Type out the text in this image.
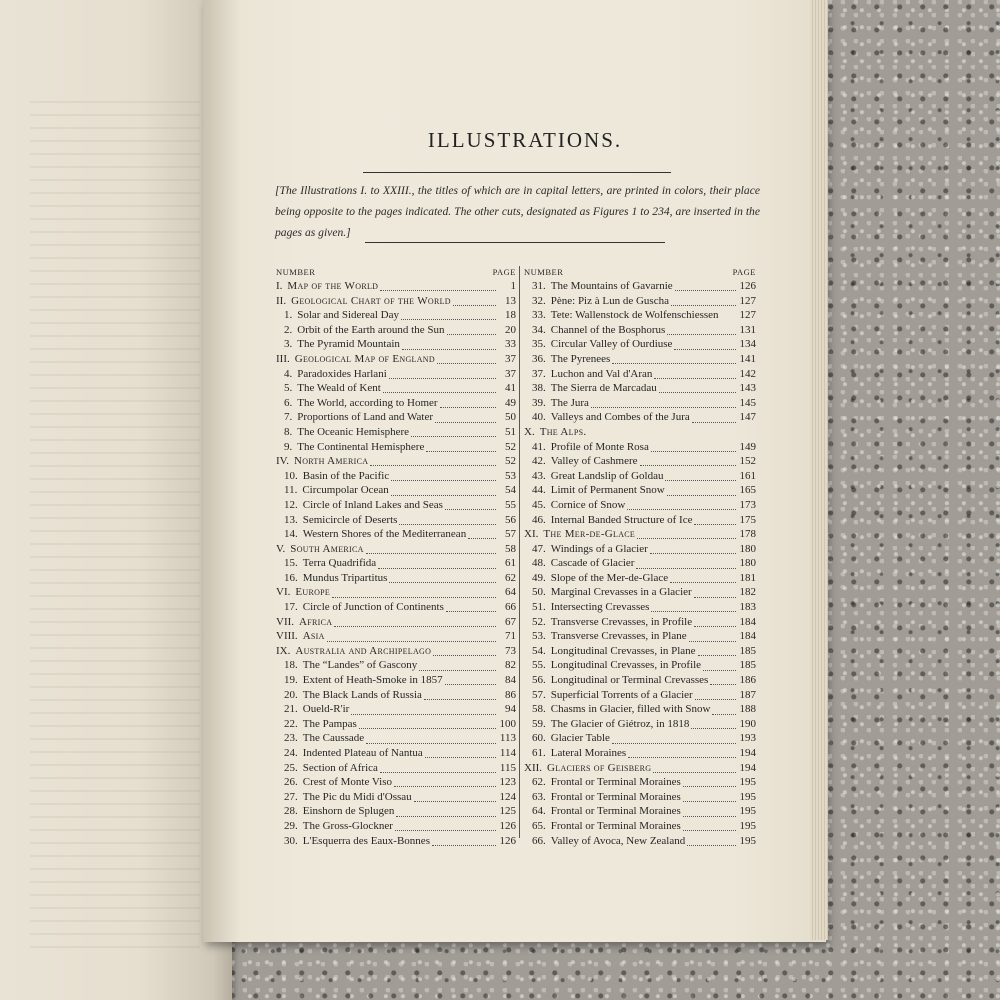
ILLUSTRATIONS.
[The Illustrations I. to XXIII., the titles of which are in capital letters, are printed in colors, their place being opposite to the pages indicated. The other cuts, designated as Figures 1 to 234, are inserted in the pages as given.]
NUMBER	PAGE
I. Map of the World	1
II. Geological Chart of the World	13
1. Solar and Sidereal Day	18
2. Orbit of the Earth around the Sun	20
3. The Pyramid Mountain	33
III. Geological Map of England	37
4. Paradoxides Harlani	37
5. The Weald of Kent	41
6. The World, according to Homer	49
7. Proportions of Land and Water	50
8. The Oceanic Hemisphere	51
9. The Continental Hemisphere	52
IV. North America	52
10. Basin of the Pacific	53
11. Circumpolar Ocean	54
12. Circle of Inland Lakes and Seas	55
13. Semicircle of Deserts	56
14. Western Shores of the Mediterranean	57
V. South America	58
15. Terra Quadrifida	61
16. Mundus Tripartitus	62
VI. Europe	64
17. Circle of Junction of Continents	66
VII. Africa	67
VIII. Asia	71
IX. Australia and Archipelago	73
18. The “Landes” of Gascony	82
19. Extent of Heath-Smoke in 1857	84
20. The Black Lands of Russia	86
21. Oueld-R'ir	94
22. The Pampas	100
23. The Caussade	113
24. Indented Plateau of Nantua	114
25. Section of Africa	115
26. Crest of Monte Viso	123
27. The Pic du Midi d'Ossau	124
28. Einshorn de Splugen	125
29. The Gross-Glockner	126
30. L'Esquerra des Eaux-Bonnes	126
NUMBER	PAGE
31. The Mountains of Gavarnie	126
32. Pène: Piz à Lun de Guscha	127
33. Tete: Wallenstock de Wolfenschiessen 127
34. Channel of the Bosphorus	131
35. Circular Valley of Ourdiuse	134
36. The Pyrenees	141
37. Luchon and Val d'Aran	142
38. The Sierra de Marcadau	143
39. The Jura	145
40. Valleys and Combes of the Jura	147
X. The Alps.
41. Profile of Monte Rosa	149
42. Valley of Cashmere	152
43. Great Landslip of Goldau	161
44. Limit of Permanent Snow	165
45. Cornice of Snow	173
46. Internal Banded Structure of Ice	175
XI. The Mer-de-Glace	178
47. Windings of a Glacier	180
48. Cascade of Glacier	180
49. Slope of the Mer-de-Glace	181
50. Marginal Crevasses in a Glacier	182
51. Intersecting Crevasses	183
52. Transverse Crevasses, in Profile	184
53. Transverse Crevasses, in Plane	184
54. Longitudinal Crevasses, in Plane	185
55. Longitudinal Crevasses, in Profile	185
56. Longitudinal or Terminal Crevasses	186
57. Superficial Torrents of a Glacier	187
58. Chasms in Glacier, filled with Snow	188
59. The Glacier of Giétroz, in 1818	190
60. Glacier Table	193
61. Lateral Moraines	194
XII. Glaciers of Geisberg	194
62. Frontal or Terminal Moraines	195
63. Frontal or Terminal Moraines	195
64. Frontal or Terminal Moraines	195
65. Frontal or Terminal Moraines	195
66. Valley of Avoca, New Zealand	195
